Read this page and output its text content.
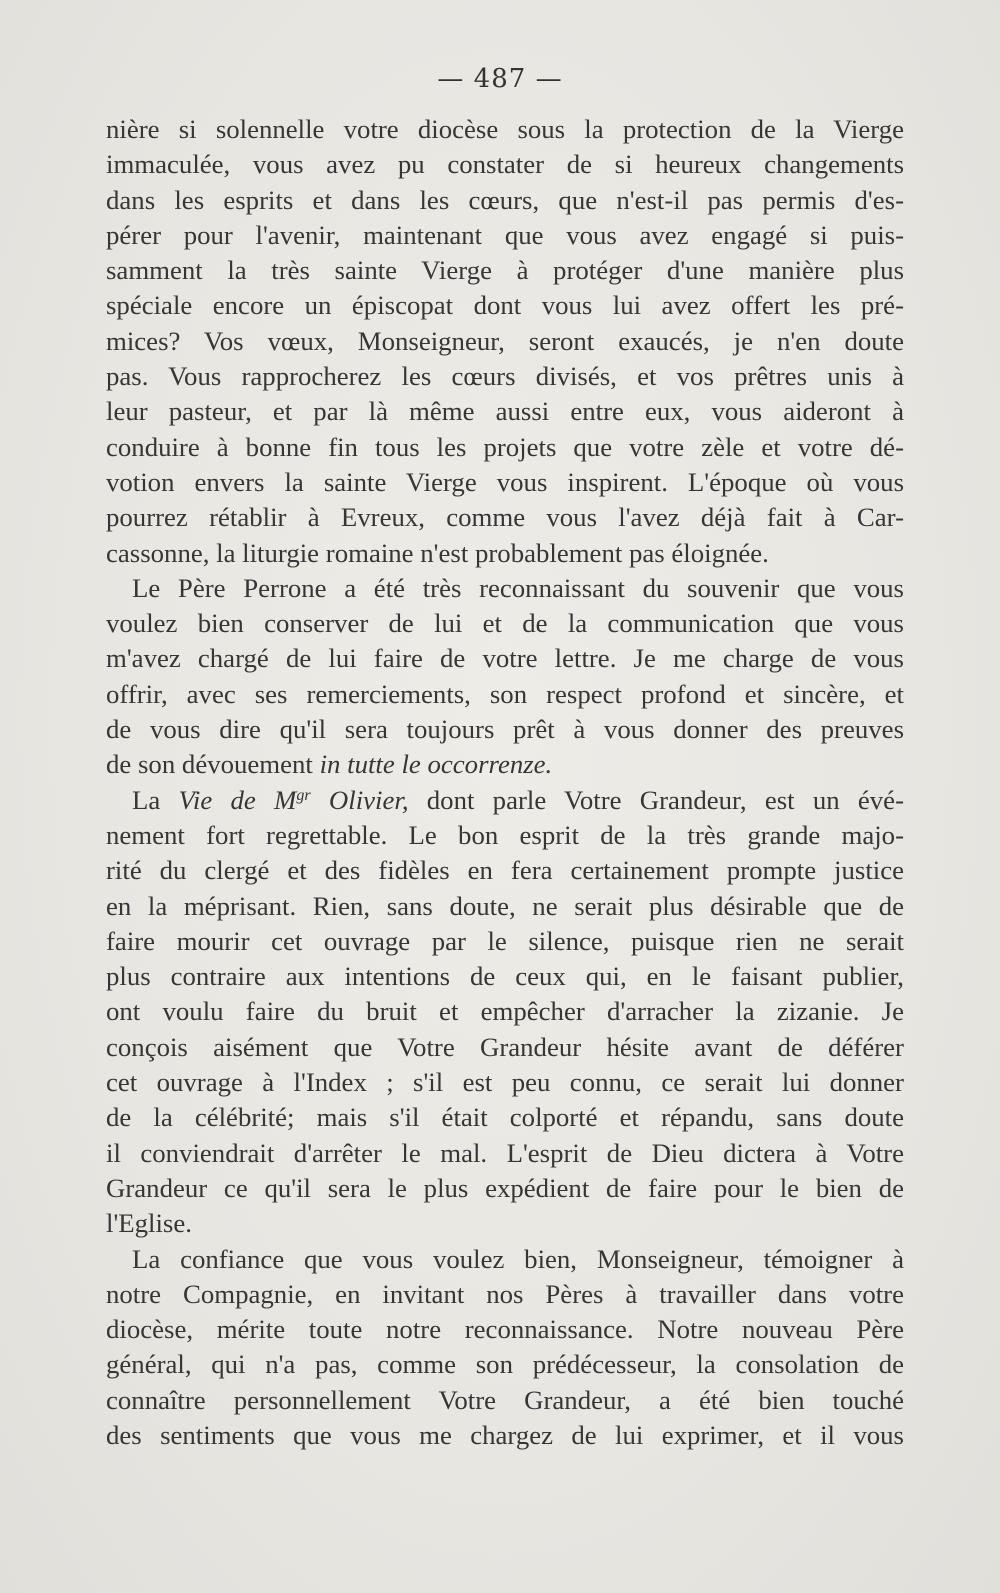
— 487 —
nière si solennelle votre diocèse sous la protection de la Vierge
immaculée, vous avez pu constater de si heureux changements
dans les esprits et dans les cœurs, que n'est-il pas permis d'es-
pérer pour l'avenir, maintenant que vous avez engagé si puis-
samment la très sainte Vierge à protéger d'une manière plus
spéciale encore un épiscopat dont vous lui avez offert les pré-
mices? Vos vœux, Monseigneur, seront exaucés, je n'en doute
pas. Vous rapprocherez les cœurs divisés, et vos prêtres unis à
leur pasteur, et par là même aussi entre eux, vous aideront à
conduire à bonne fin tous les projets que votre zèle et votre dé-
votion envers la sainte Vierge vous inspirent. L'époque où vous
pourrez rétablir à Evreux, comme vous l'avez déjà fait à Car-
cassonne, la liturgie romaine n'est probablement pas éloignée.
Le Père Perrone a été très reconnaissant du souvenir que vous
voulez bien conserver de lui et de la communication que vous
m'avez chargé de lui faire de votre lettre. Je me charge de vous
offrir, avec ses remerciements, son respect profond et sincère, et
de vous dire qu'il sera toujours prêt à vous donner des preuves
de son dévouement in tutte le occorrenze.
La Vie de $M^{gr}$ Olivier, dont parle Votre Grandeur, est un évé-
nement fort regrettable. Le bon esprit de la très grande majo-
rité du clergé et des fidèles en fera certainement prompte justice
en la méprisant. Rien, sans doute, ne serait plus désirable que de
faire mourir cet ouvrage par le silence, puisque rien ne serait
plus contraire aux intentions de ceux qui, en le faisant publier,
ont voulu faire du bruit et empêcher d'arracher la zizanie. Je
conçois aisément que Votre Grandeur hésite avant de déférer
cet ouvrage à l'Index ; s'il est peu connu, ce serait lui donner
de la célébrité; mais s'il était colporté et répandu, sans doute
il conviendrait d'arrêter le mal. L'esprit de Dieu dictera à Votre
Grandeur ce qu'il sera le plus expédient de faire pour le bien de
l'Eglise.
La confiance que vous voulez bien, Monseigneur, témoigner à
notre Compagnie, en invitant nos Pères à travailler dans votre
diocèse, mérite toute notre reconnaissance. Notre nouveau Père
général, qui n'a pas, comme son prédécesseur, la consolation de
connaître personnellement Votre Grandeur, a été bien touché
des sentiments que vous me chargez de lui exprimer, et il vous
